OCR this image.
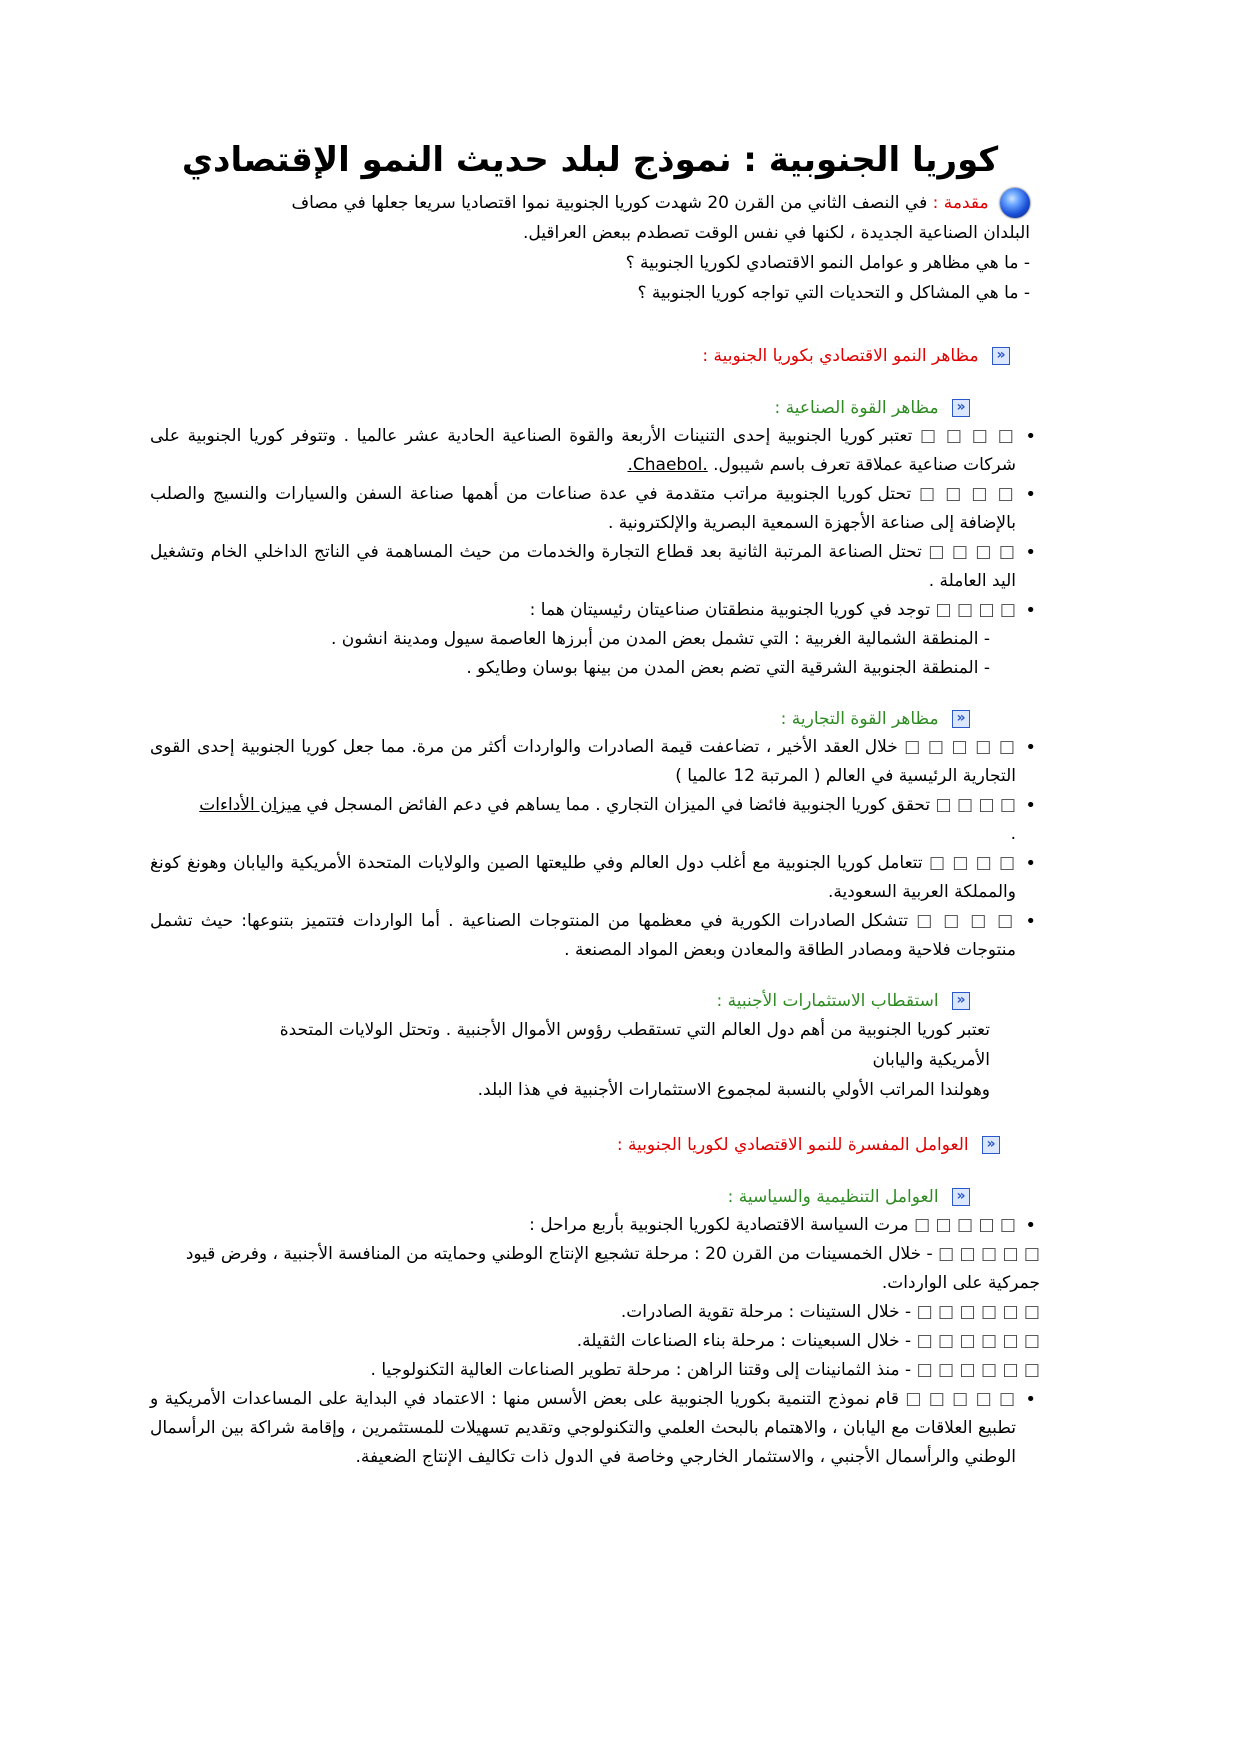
كوريا الجنوبية : نموذج لبلد حديث النمو الإقتصادي

مقدمة : في النصف الثاني من القرن 20 شهدت كوريا الجنوبية نموا اقتصاديا سريعا جعلها في مصاف

البلدان الصناعية الجديدة ، لكنها في نفس الوقت تصطدم ببعض العراقيل.

- ما هي مظاهر و عوامل النمو الاقتصادي لكوريا الجنوبية ؟

- ما هي المشاكل و التحديات التي تواجه كوريا الجنوبية ؟

«
مظاهر النمو الاقتصادي بكوريا الجنوبية :
«
مظاهر القوة الصناعية :
• □ □ □ □ تعتبر كوريا الجنوبية إحدى التنينات الأربعة والقوة الصناعية الحادية عشر عالميا . وتتوفر كوريا الجنوبية على شركات صناعية عملاقة تعرف باسم شيبول. .Chaebol.
• □ □ □ □ تحتل كوريا الجنوبية مراتب متقدمة في عدة صناعات من أهمها صناعة السفن والسيارات والنسيج والصلب بالإضافة إلى صناعة الأجهزة السمعية البصرية والإلكترونية .
• □ □ □ □ تحتل الصناعة المرتبة الثانية بعد قطاع التجارة والخدمات من حيث المساهمة في الناتج الداخلي الخام وتشغيل اليد العاملة .
• □ □ □ □ توجد في كوريا الجنوبية منطقتان صناعيتان رئيسيتان هما :

- المنطقة الشمالية الغربية : التي تشمل بعض المدن من أبرزها العاصمة سيول ومدينة انشون .

- المنطقة الجنوبية الشرقية التي تضم بعض المدن من بينها بوسان وطايكو .

«
مظاهر القوة التجارية :
• □ □ □ □ □ خلال العقد الأخير ، تضاعفت قيمة الصادرات والواردات أكثر من مرة. مما جعل كوريا الجنوبية إحدى القوى التجارية الرئيسية في العالم ( المرتبة 12 عالميا )
• □ □ □ □ تحقق كوريا الجنوبية فائضا في الميزان التجاري . مما يساهم في دعم الفائض المسجل في ميزان الأداءات
.
• □ □ □ □ تتعامل كوريا الجنوبية مع أغلب دول العالم وفي طليعتها الصين والولايات المتحدة الأمريكية واليابان وهونغ كونغ والمملكة العربية السعودية.
• □ □ □ □ تتشكل الصادرات الكورية في معظمها من المنتوجات الصناعية . أما الواردات فتتميز بتنوعها: حيث تشمل منتوجات فلاحية ومصادر الطاقة والمعادن وبعض المواد المصنعة .
«
استقطاب الاستثمارات الأجنبية :

تعتبر كوريا الجنوبية من أهم دول العالم التي تستقطب رؤوس الأموال الأجنبية . وتحتل الولايات المتحدة

الأمريكية واليابان

وهولندا المراتب الأولي بالنسبة لمجموع الاستثمارات الأجنبية في هذا البلد.

«
العوامل المفسرة للنمو الاقتصادي لكوريا الجنوبية :
«
العوامل التنظيمية والسياسية :
• □ □ □ □ □ مرت السياسة الاقتصادية لكوريا الجنوبية بأربع مراحل :

□ □ □ □ □ - خلال الخمسينات من القرن 20 : مرحلة تشجيع الإنتاج الوطني وحمايته من المنافسة الأجنبية ، وفرض قيود جمركية على الواردات.

□ □ □ □ □ □ - خلال الستينات : مرحلة تقوية الصادرات.

□ □ □ □ □ □ - خلال السبعينات : مرحلة بناء الصناعات الثقيلة.

□ □ □ □ □ □ - منذ الثمانينات إلى وقتنا الراهن : مرحلة تطوير الصناعات العالية التكنولوجيا .

• □ □ □ □ □ قام نموذج التنمية بكوريا الجنوبية على بعض الأسس منها : الاعتماد في البداية على المساعدات الأمريكية و تطبيع العلاقات مع اليابان ، والاهتمام بالبحث العلمي والتكنولوجي وتقديم تسهيلات للمستثمرين ، وإقامة شراكة بين الرأسمال الوطني والرأسمال الأجنبي ، والاستثمار الخارجي وخاصة في الدول ذات تكاليف الإنتاج الضعيفة.
